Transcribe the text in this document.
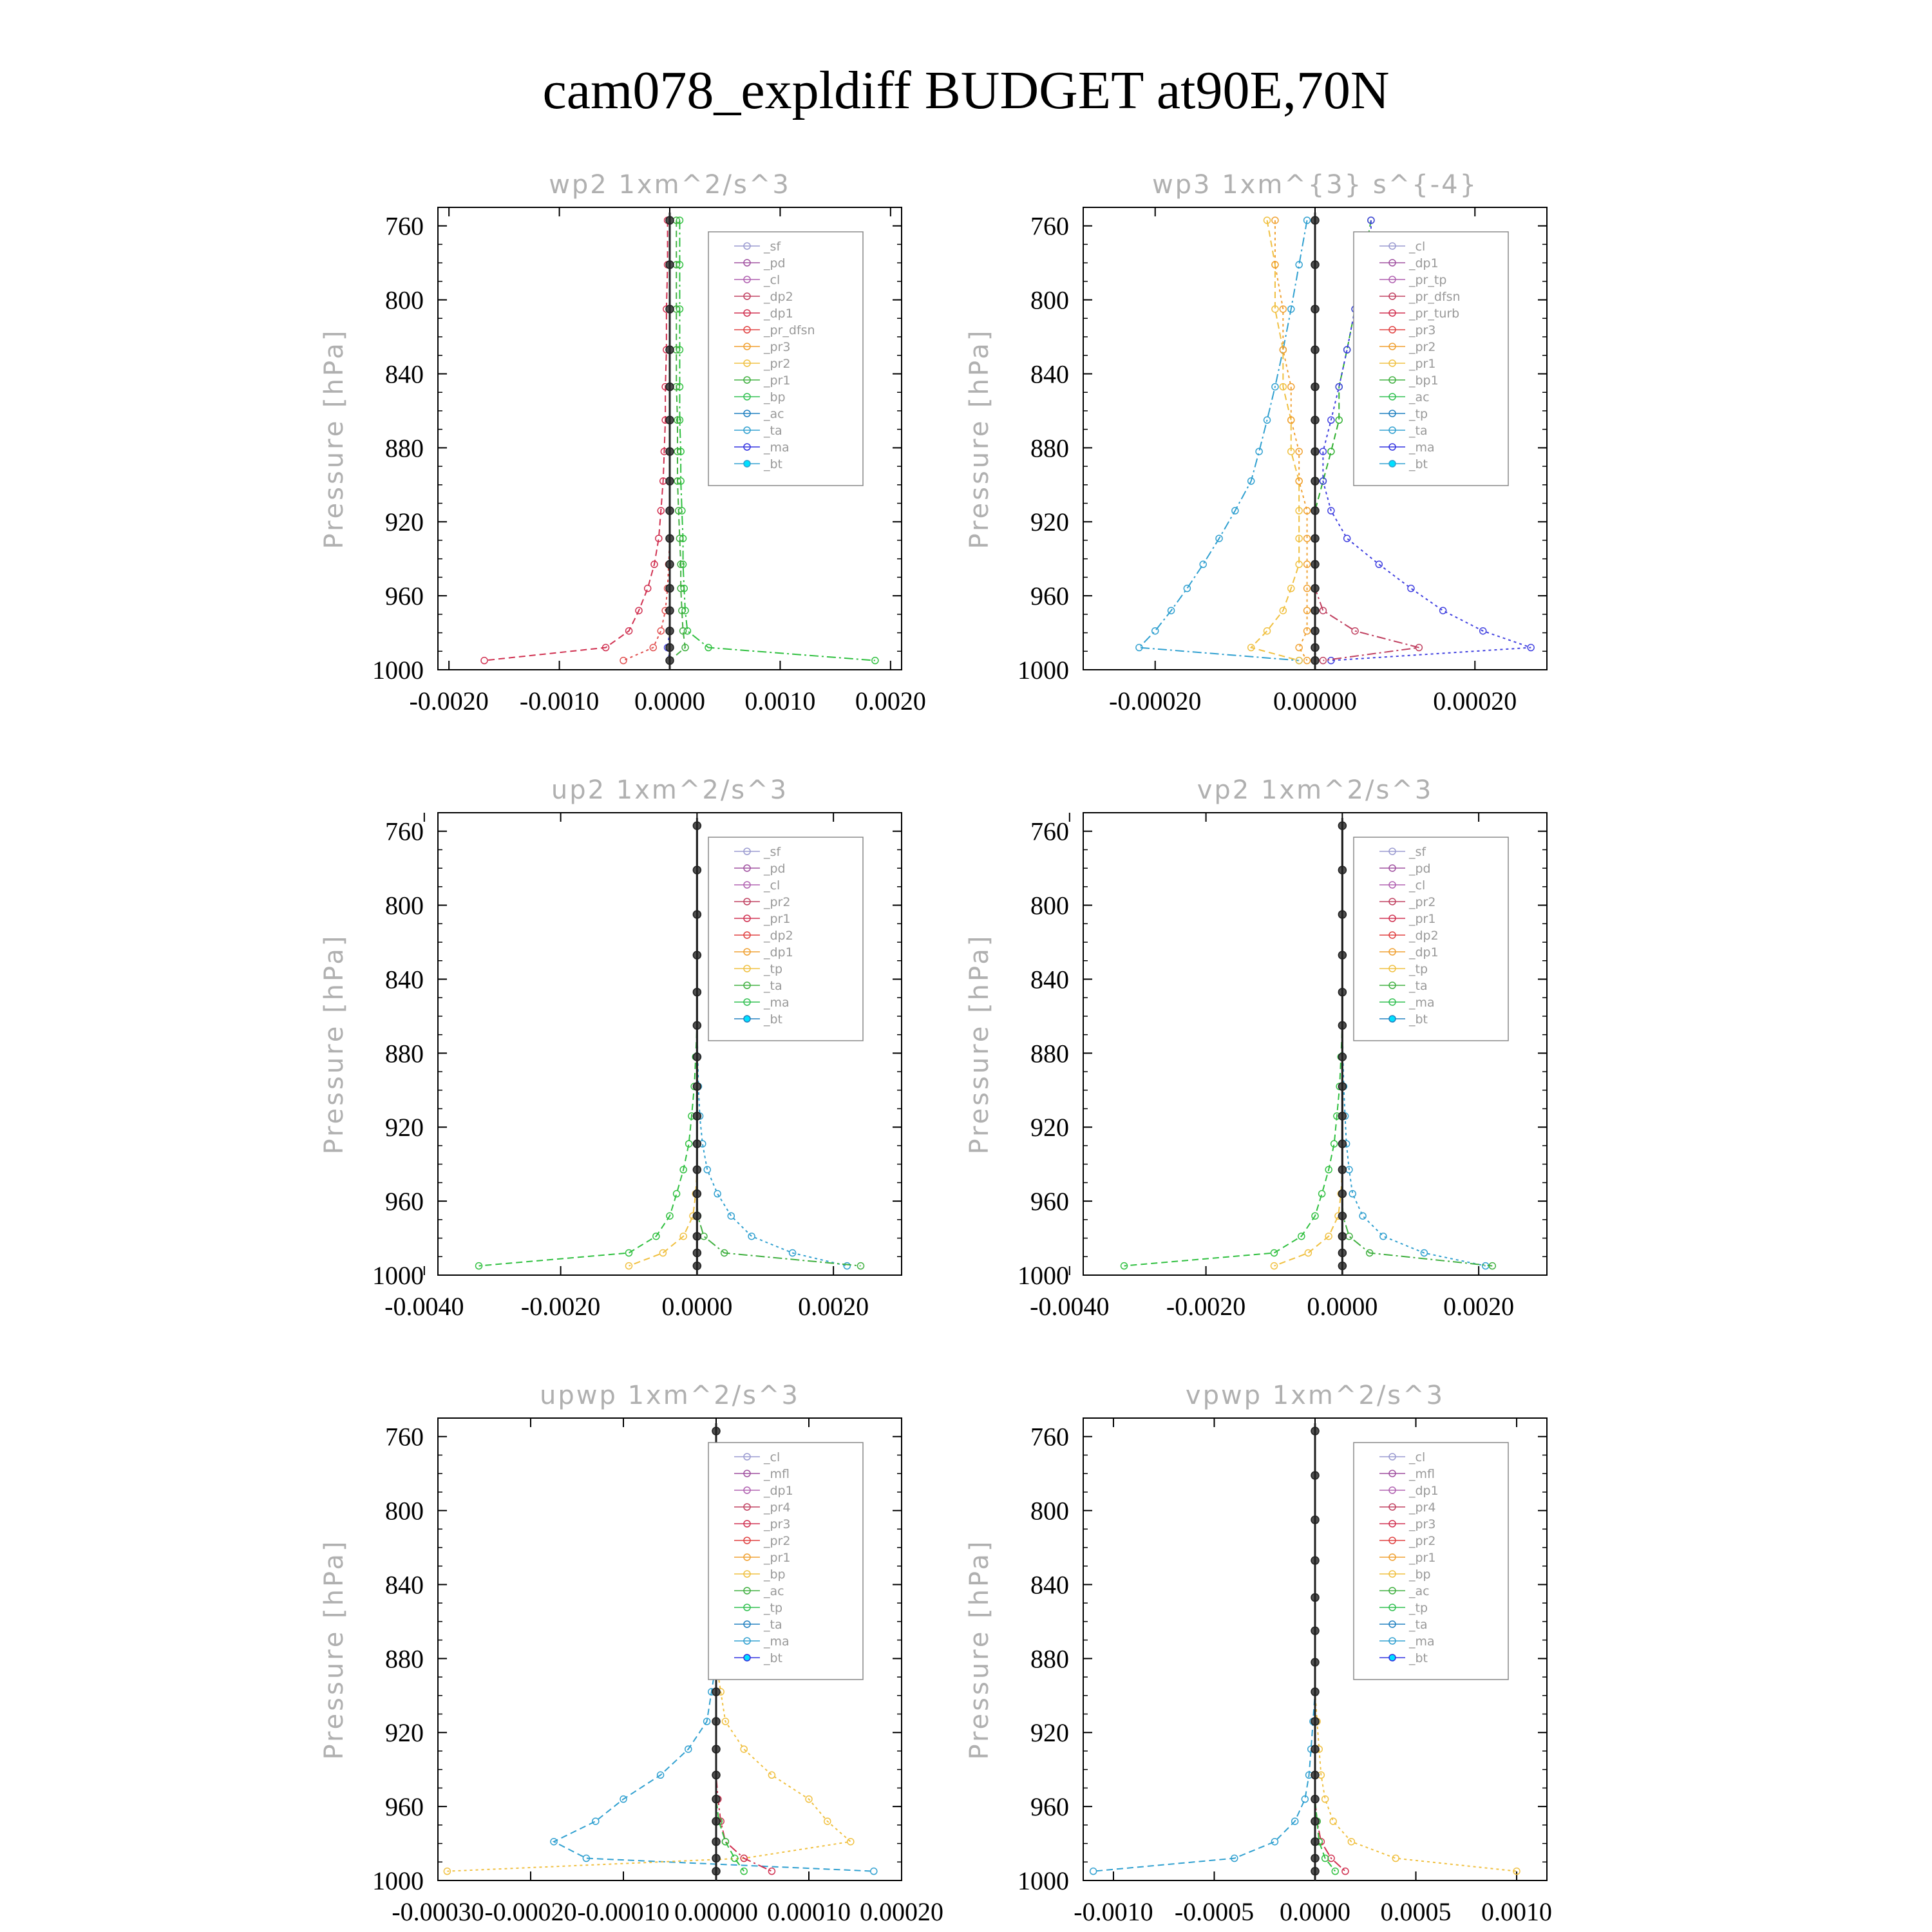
cam078_expldiff BUDGET at90E,70N
wp2 1xm^2/s^3
760
800
840
880
920
960
1000
-0.0020 -0.0010 0.0000 0.0010 0.0020
Pressure [hPa]
_sf
_pd
_cl
_dp2
_dp1
_pr_dfsn
_pr3
_pr2
_pr1
_bp
_ac
_ta
_ma
_bt
wp3 1xm^{3} s^{-4}
760
800
840
880
920
960
1000
-0.00020	0.00000	0.00020
Pressure [hPa]
_cl
_dp1
_pr_tp
_pr_dfsn
_pr_turb
_pr3
_pr2
_pr1
_bp1
_ac
_tp
_ta
_ma
_bt
up2 1xm^2/s^3
760
800
840
880
920
960
1000
-0.0040 -0.0020 0.0000	0.0020
Pressure [hPa]
_sf
_pd
_cl
_pr2
_pr1
_dp2
_dp1
_tp
_ta
_ma
_bt
vp2 1xm^2/s^3
760
800
840
880
920
960
1000
-0.0040 -0.0020 0.0000	0.0020
Pressure [hPa]
_sf
_pd
_cl
_pr2
_pr1
_dp2
_dp1
_tp
_ta
_ma
_bt
upwp 1xm^2/s^3
760
800
840
880
920
960
1000
-0.00030 -0.00020 -0.00010 0.00000 0.00010 0.00020
Pressure [hPa]
_cl
_mfl
_dp1
_pr4
_pr3
_pr2
_pr1
_bp
_ac
_tp
_ta
_ma
_bt
vpwp 1xm^2/s^3
760
800
840
880
920
960
1000
-0.0010 -0.0005 0.0000 0.0005 0.0010
Pressure [hPa]
_cl
_mfl
_dp1
_pr4
_pr3
_pr2
_pr1
_bp
_ac
_tp
_ta
_ma
_bt
